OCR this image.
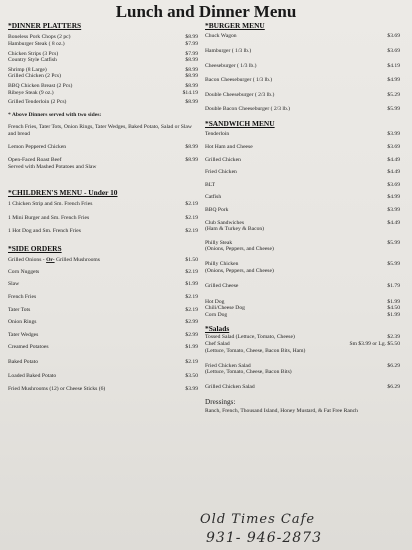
Lunch and Dinner Menu
*DINNER PLATTERS
Boneless Pork Chops (2 pc)	$8.99
Hamburger Steak ( 8 oz.)	$7.99
Chicken Strips (3 Pcs)	$7.99
Country Style Catfish	$8.99
Shrimp (8 Large)	$8.99
Grilled Chicken (2 Pcs)	$8.99
BBQ Chicken Breast (2 Pcs)	$8.99
Ribeye Steak (9 oz.)	$14.19
Grilled Tenderloin (2 Pcs)	$8.99
* Above Dinners served with two sides:
French Fries, Tater Tots, Onion Rings, Tater Wedges, Baked Potato, Salad or Slaw and bread
Lemon Peppered Chicken	$8.99
Open-Faced Roast Beef	$8.99
Served with Mashed Potatoes and Slaw
*CHILDREN'S MENU - Under 10
1 Chicken Strip and Sm. French Fries	$2.19
1 Mini Burger and Sm. French Fries	$2.19
1 Hot Dog and Sm. French Fries	$2.19
*SIDE ORDERS
Grilled Onions - Or- Grilled Mushrooms	$1.50
Corn Nuggets	$2.19
Slaw	$1.99
French Fries	$2.19
Tater Tots	$2.19
Onion Rings	$2.99
Tater Wedges	$2.99
Creamed Potatoes	$1.99
Baked Potato	$2.19
Loaded Baked Potato	$3.50
Fried Mushrooms (12) or Cheese Sticks (6)	$3.99
*BURGER MENU
Chuck Wagon	$3.69
Hamburger ( 1/3 lb.)	$3.69
Cheeseburger ( 1/3 lb.)	$4.19
Bacon Cheeseburger ( 1/3 lb.)	$4.99
Double Cheeseburger ( 2/3 lb.)	$5.29
Double Bacon Cheeseburger ( 2/3 lb.)	$5.99
*SANDWICH MENU
Tenderloin	$3.99
Hot Ham and Cheese	$3.69
Grilled Chicken	$4.49
Fried Chicken	$4.49
BLT	$3.69
Catfish	$4.99
BBQ Pork	$3.99
Club Sandwiches	$4.49
(Ham & Turkey & Bacon)
Philly Steak	$5.99
(Onions, Peppers, and Cheese)
Philly Chicken	$5.99
(Onions, Peppers, and Cheese)
Grilled Cheese	$1.79
Hot Dog	$1.99
Chili/Cheese Dog	$4.50
Corn Dog	$1.99
*Salads
Tossed Salad (Lettuce, Tomato, Cheese)	$2.39
Chef Salad	Sm $3.99 or Lg. $5.50
(Lettuce, Tomato, Cheese, Bacon Bits, Ham)
Fried Chicken Salad	$6.29
(Lettuce, Tomato, Cheese, Bacon Bits)
Grilled Chicken Salad	$6.29
Dressings:
Ranch, French, Thousand Island, Honey Mustard, & Fat Free Ranch
Old Times Cafe
931- 946-2873
